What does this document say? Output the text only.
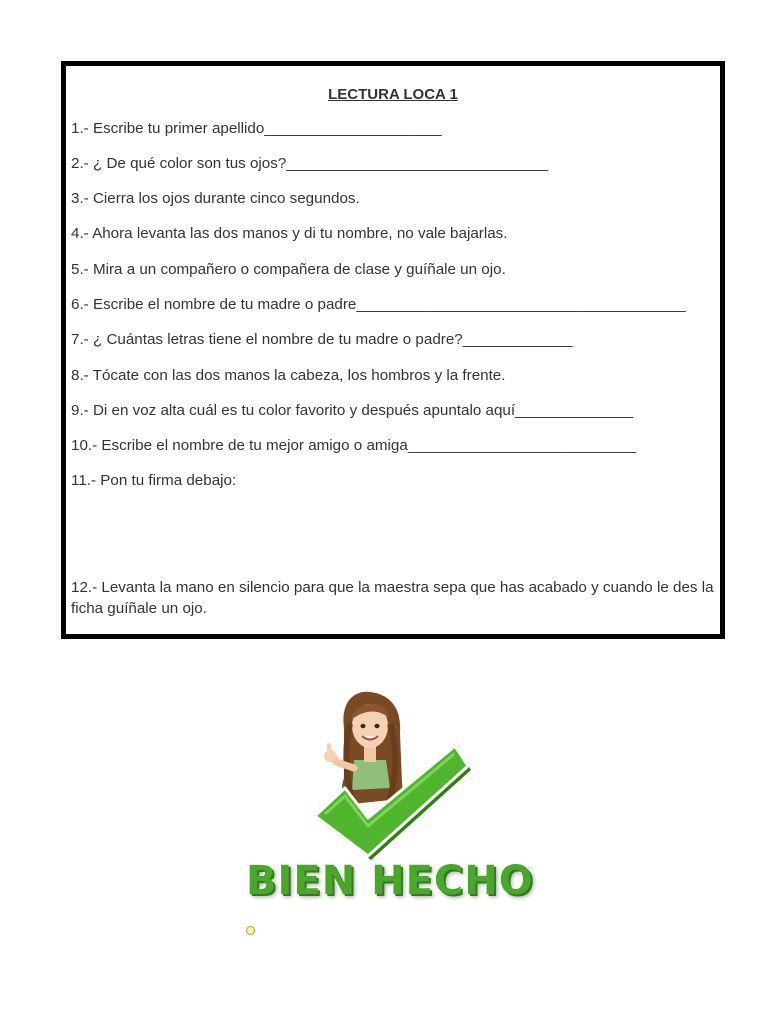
LECTURA LOCA 1
1.- Escribe tu primer apellido_____________________
2.- ¿ De qué color son tus ojos?_______________________________
3.- Cierra los ojos durante cinco segundos.
4.- Ahora levanta las dos manos y di tu nombre, no vale bajarlas.
5.- Mira a un compañero o compañera de clase y guíñale un ojo.
6.- Escribe el nombre de tu madre o padre_______________________________________
7.- ¿ Cuántas letras tiene el nombre de tu madre o padre?_____________
8.- Tócate con las dos manos la cabeza, los hombros y la frente.
9.- Di en voz alta cuál es tu color favorito y después apuntalo aquí______________
10.- Escribe el nombre de tu mejor amigo o amiga___________________________
11.- Pon tu firma debajo:
12.- Levanta la mano en silencio para que la maestra sepa que has acabado y cuando le des la ficha guíñale un ojo.
BIEN HECHO
